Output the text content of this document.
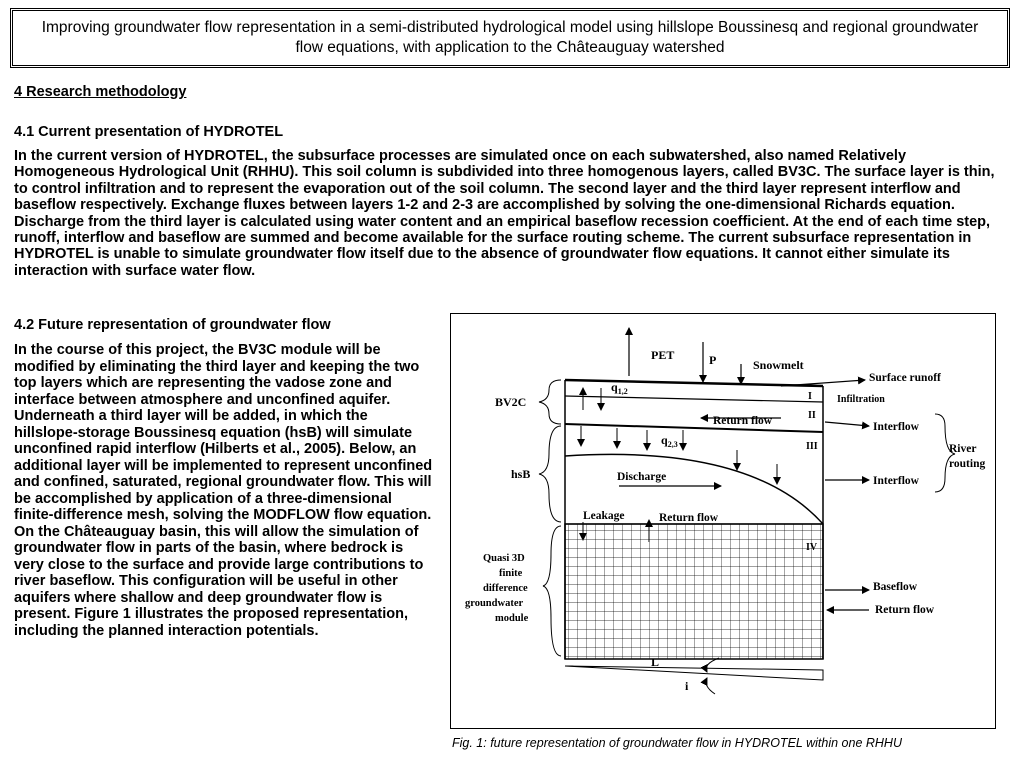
Improving groundwater flow representation in a semi-distributed hydrological model using hillslope Boussinesq and regional groundwater flow equations, with application to the Châteauguay watershed
4 Research methodology
4.1 Current presentation of HYDROTEL
In the current version of HYDROTEL, the subsurface processes are simulated once on each subwatershed, also named Relatively Homogeneous Hydrological Unit (RHHU). This soil column is subdivided into three homogenous layers, called BV3C. The surface layer is thin, to control infiltration and to represent the evaporation out of the soil column. The second layer and the third layer represent interflow and baseflow respectively. Exchange fluxes between layers 1-2 and 2-3 are accomplished by solving the one-dimensional Richards equation. Discharge from the third layer is calculated using water content and an empirical baseflow recession coefficient. At the end of each time step, runoff, interflow and baseflow are summed and become available for the surface routing scheme. The current subsurface representation in HYDROTEL is unable to simulate groundwater flow itself due to the absence of groundwater flow equations. It cannot either simulate its interaction with surface water flow.
PET	P	Snowmelt
$q_{1,2}$
Surface runoff
Infiltration
I
II
III
IV
BV2C
Return flow	Interflow
Interflow
River
routing
$q_{2,3}$
hsB	Discharge
Leakage	Return flow
Quasi 3D
finite
difference
groundwater
module
Baseflow
Return flow
L
i
4.2 Future representation of groundwater flow
In the course of this project, the BV3C module will be modified by eliminating the third layer and keeping the two top layers which are representing the vadose zone and interface between atmosphere and unconfined aquifer. Underneath a third layer will be added, in which the hillslope-storage Boussinesq equation (hsB) will simulate unconfined rapid interflow (Hilberts et al., 2005). Below, an additional layer will be implemented to represent unconfined and confined, saturated, regional groundwater flow. This will be accomplished by application of a three-dimensional finite-difference mesh, solving the MODFLOW flow equation. On the Châteauguay basin, this will allow the simulation of groundwater flow in parts of the basin, where bedrock is very close to the surface and provide large contributions to river baseflow. This configuration will be useful in other aquifers where shallow and deep groundwater flow is present. Figure 1 illustrates the proposed representation, including the planned interaction potentials.
Fig. 1: future representation of groundwater flow in HYDROTEL within one RHHU
